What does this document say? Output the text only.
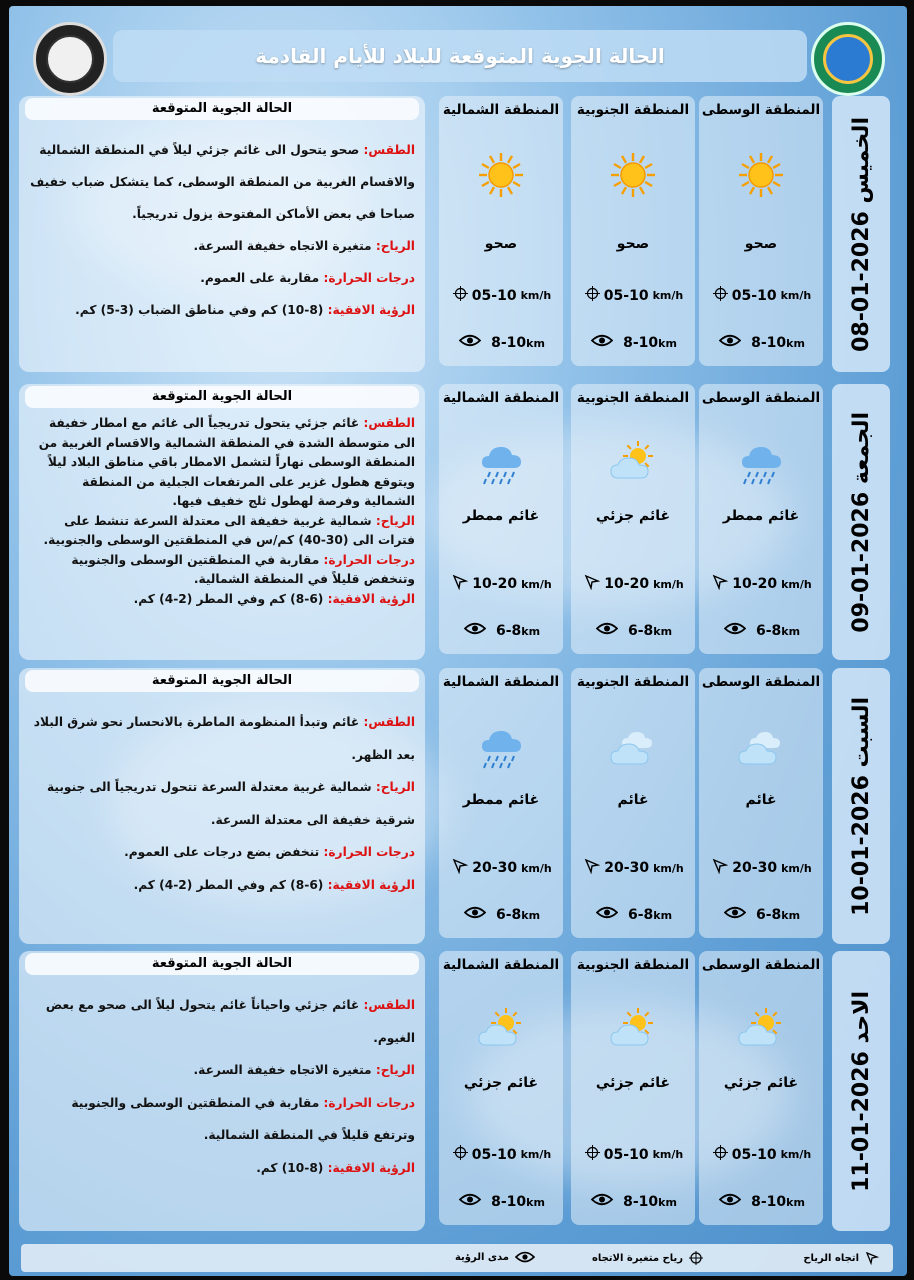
الحالة الجوية المتوقعة للبلاد للأيام القادمة
الخميس 2026-01-08
المنطقة الوسطى
صحو
05-10 km/h
8-10km
المنطقة الجنوبية
صحو
05-10 km/h
8-10km
المنطقة الشمالية
صحو
05-10 km/h
8-10km
الحالة الجوية المتوقعة

الطقس: صحو يتحول الى غائم جزئي ليلاً في المنطقة الشمالية والاقسام الغربية من المنطقة الوسطى، كما يتشكل ضباب خفيف صباحا في بعض الأماكن المفتوحة يزول تدريجياً.

الرياح: متغيرة الاتجاه خفيفة السرعة.

درجات الحرارة: مقاربة على العموم.

الرؤية الافقية: (8-10) كم وفي مناطق الضباب (3-5) كم.

الجمعة 2026-01-09
المنطقة الوسطى
غائم ممطر
10-20 km/h
6-8km
المنطقة الجنوبية
غائم جزئي
10-20 km/h
6-8km
المنطقة الشمالية
غائم ممطر
10-20 km/h
6-8km
الحالة الجوية المتوقعة

الطقس: غائم جزئي يتحول تدريجياً الى غائم مع امطار خفيفة الى متوسطة الشدة في المنطقة الشمالية والاقسام الغربية من المنطقة الوسطى نهاراً لتشمل الامطار باقي مناطق البلاد ليلاً ويتوقع هطول غزير على المرتفعات الجبلية من المنطقة الشمالية وفرصة لهطول ثلج خفيف فيها.

الرياح: شمالية غربية خفيفة الى معتدلة السرعة تنشط على فترات الى (30-40) كم/س في المنطقتين الوسطى والجنوبية.

درجات الحرارة: مقاربة في المنطقتين الوسطى والجنوبية وتنخفض قليلاً في المنطقة الشمالية.

الرؤية الافقية: (6-8) كم وفي المطر (2-4) كم.

السبت 2026-01-10
المنطقة الوسطى
غائم
20-30 km/h
6-8km
المنطقة الجنوبية
غائم
20-30 km/h
6-8km
المنطقة الشمالية
غائم ممطر
20-30 km/h
6-8km
الحالة الجوية المتوقعة

الطقس: غائم وتبدأ المنظومة الماطرة بالانحسار نحو شرق البلاد بعد الظهر.

الرياح: شمالية غربية معتدلة السرعة تتحول تدريجياً الى جنوبية شرقية خفيفة الى معتدلة السرعة.

درجات الحرارة: تنخفض بضع درجات على العموم.

الرؤية الافقية: (6-8) كم وفي المطر (2-4) كم.

الاحد 2026-01-11
المنطقة الوسطى
غائم جزئي
05-10 km/h
8-10km
المنطقة الجنوبية
غائم جزئي
05-10 km/h
8-10km
المنطقة الشمالية
غائم جزئي
05-10 km/h
8-10km
الحالة الجوية المتوقعة

الطقس: غائم جزئي واحياناً غائم يتحول ليلاً الى صحو مع بعض الغيوم.

الرياح: متغيرة الاتجاه خفيفة السرعة.

درجات الحرارة: مقاربة في المنطقتين الوسطى والجنوبية وترتفع قليلاً في المنطقة الشمالية.

الرؤية الافقية: (8-10) كم.

اتجاه الرياح
رياح متغيرة الاتجاه
مدى الرؤية
